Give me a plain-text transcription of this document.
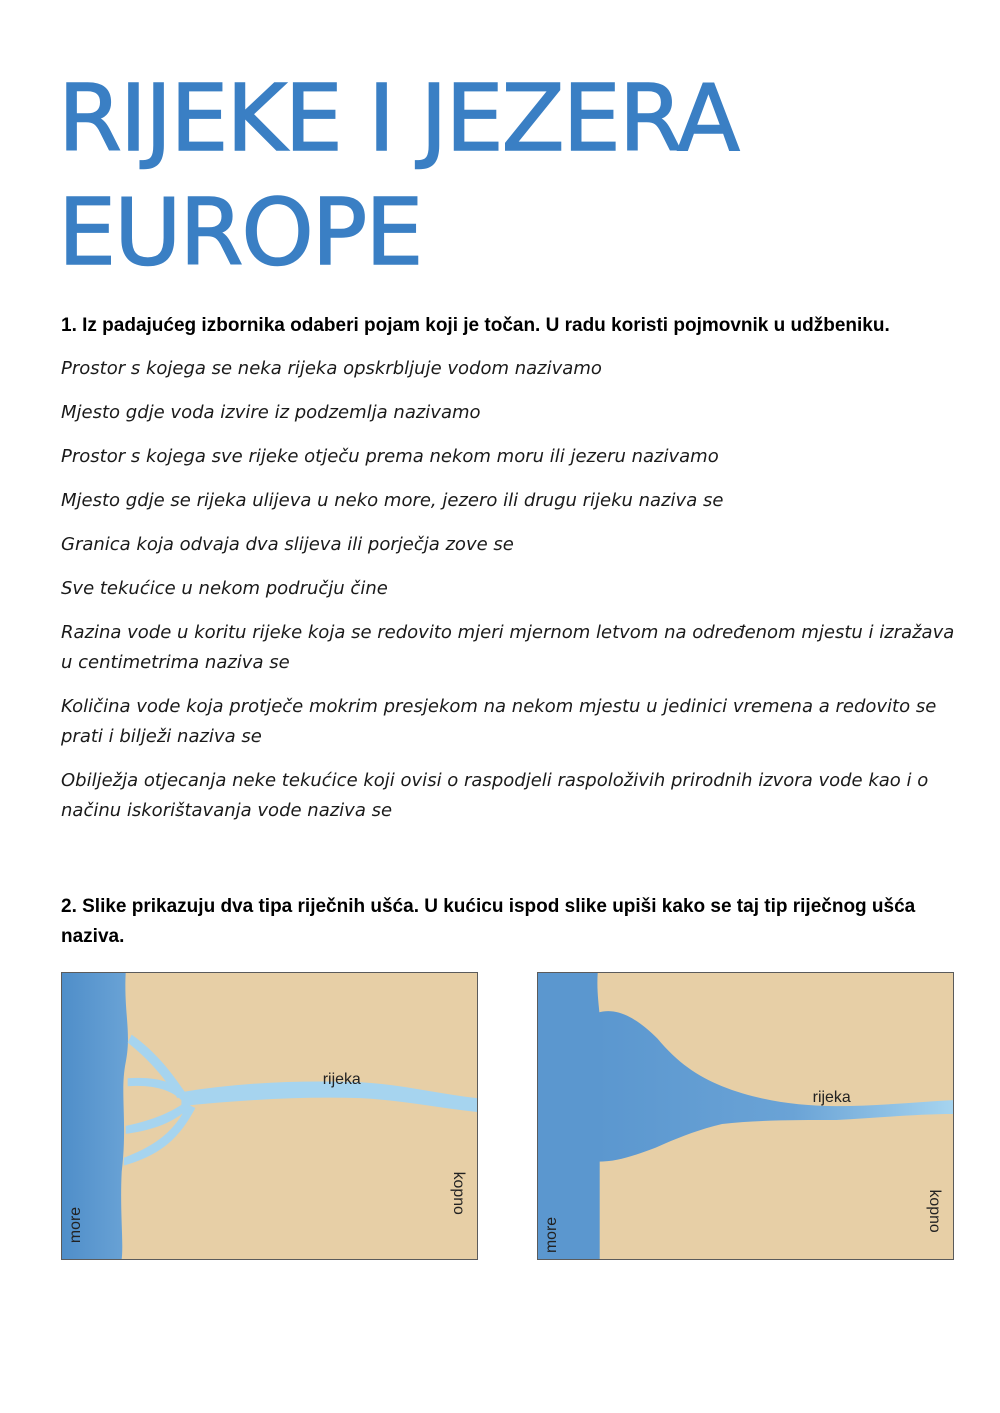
RIJEKE I JEZERA
EUROPE
1. Iz padajućeg izbornika odaberi pojam koji je točan. U radu koristi pojmovnik u udžbeniku.

Prostor s kojega se neka rijeka opskrbljuje vodom nazivamo

Mjesto gdje voda izvire iz podzemlja nazivamo

Prostor s kojega sve rijeke otječu prema nekom moru ili jezeru nazivamo

Mjesto gdje se rijeka ulijeva u neko more, jezero ili drugu rijeku naziva se

Granica koja odvaja dva slijeva ili porječja zove se

Sve tekućice u nekom području čine

Razina vode u koritu rijeke koja se redovito mjeri mjernom letvom na određenom mjestu i izražava u centimetrima naziva se

Količina vode koja protječe mokrim presjekom na nekom mjestu u jedinici vremena a redovito se prati i bilježi naziva se

Obilježja otjecanja neke tekućice koji ovisi o raspodjeli raspoloživih prirodnih izvora vode kao i o načinu iskorištavanja vode naziva se

2. Slike prikazuju dva tipa riječnih ušća. U kućicu ispod slike upiši kako se taj tip riječnog ušća naziva.
rijeka
more
kopno
rijeka
more
kopno
